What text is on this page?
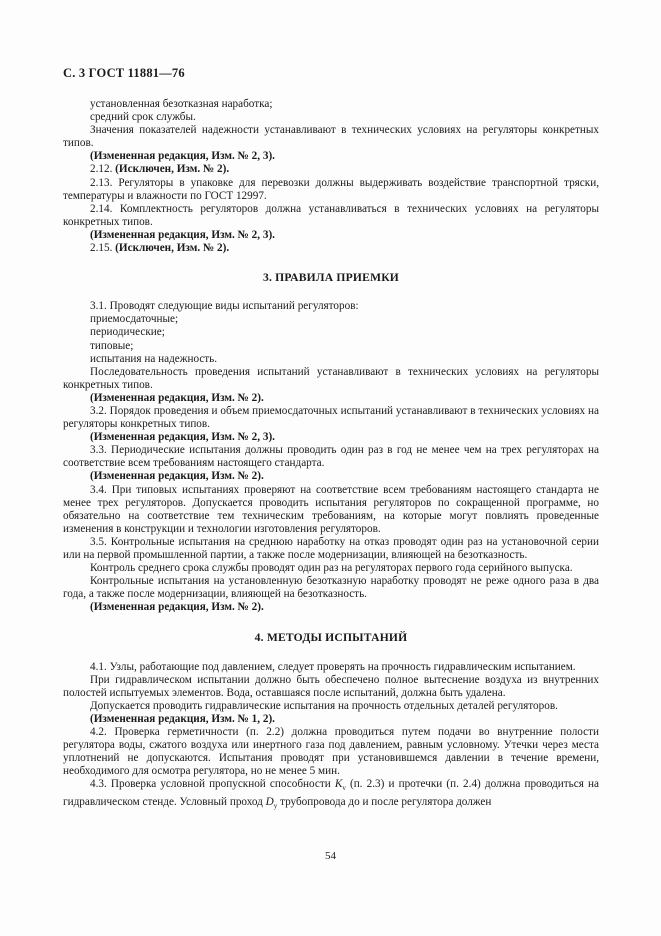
С. 3 ГОСТ 11881—76

установленная безотказная наработка;

средний срок службы.

Значения показателей надежности устанавливают в технических условиях на регуляторы конкретных типов.

(Измененная редакция, Изм. № 2, 3).

2.12. (Исключен, Изм. № 2).

2.13. Регуляторы в упаковке для перевозки должны выдерживать воздействие транспортной тряски, температуры и влажности по ГОСТ 12997.

2.14. Комплектность регуляторов должна устанавливаться в технических условиях на регуляторы конкретных типов.

(Измененная редакция, Изм. № 2, 3).

2.15. (Исключен, Изм. № 2).

3. ПРАВИЛА ПРИЕМКИ

3.1. Проводят следующие виды испытаний регуляторов:

приемосдаточные;

периодические;

типовые;

испытания на надежность.

Последовательность проведения испытаний устанавливают в технических условиях на регуляторы конкретных типов.

(Измененная редакция, Изм. № 2).

3.2. Порядок проведения и объем приемосдаточных испытаний устанавливают в технических условиях на регуляторы конкретных типов.

(Измененная редакция, Изм. № 2, 3).

3.3. Периодические испытания должны проводить один раз в год не менее чем на трех регуляторах на соответствие всем требованиям настоящего стандарта.

(Измененная редакция, Изм. № 2).

3.4. При типовых испытаниях проверяют на соответствие всем требованиям настоящего стандарта не менее трех регуляторов. Допускается проводить испытания регуляторов по сокращенной программе, но обязательно на соответствие тем техническим требованиям, на которые могут повлиять проведенные изменения в конструкции и технологии изготовления регуляторов.

3.5. Контрольные испытания на среднюю наработку на отказ проводят один раз на установочной серии или на первой промышленной партии, а также после модернизации, влияющей на безотказность.

Контроль среднего срока службы проводят один раз на регуляторах первого года серийного выпуска.

Контрольные испытания на установленную безотказную наработку проводят не реже одного раза в два года, а также после модернизации, влияющей на безотказность.

(Измененная редакция, Изм. № 2).

4. МЕТОДЫ ИСПЫТАНИЙ

4.1. Узлы, работающие под давлением, следует проверять на прочность гидравлическим испытанием.

При гидравлическом испытании должно быть обеспечено полное вытеснение воздуха из внутренних полостей испытуемых элементов. Вода, оставшаяся после испытаний, должна быть удалена.

Допускается проводить гидравлические испытания на прочность отдельных деталей регуляторов.

(Измененная редакция, Изм. № 1, 2).

4.2. Проверка герметичности (п. 2.2) должна проводиться путем подачи во внутренние полости регулятора воды, сжатого воздуха или инертного газа под давлением, равным условному. Утечки через места уплотнений не допускаются. Испытания проводят при установившемся давлении в течение времени, необходимого для осмотра регулятора, но не менее 5 мин.

4.3. Проверка условной пропускной способности $K_v$ (п. 2.3) и протечки (п. 2.4) должна проводиться на гидравлическом стенде. Условный проход $D_y$ трубопровода до и после регулятора должен

54
